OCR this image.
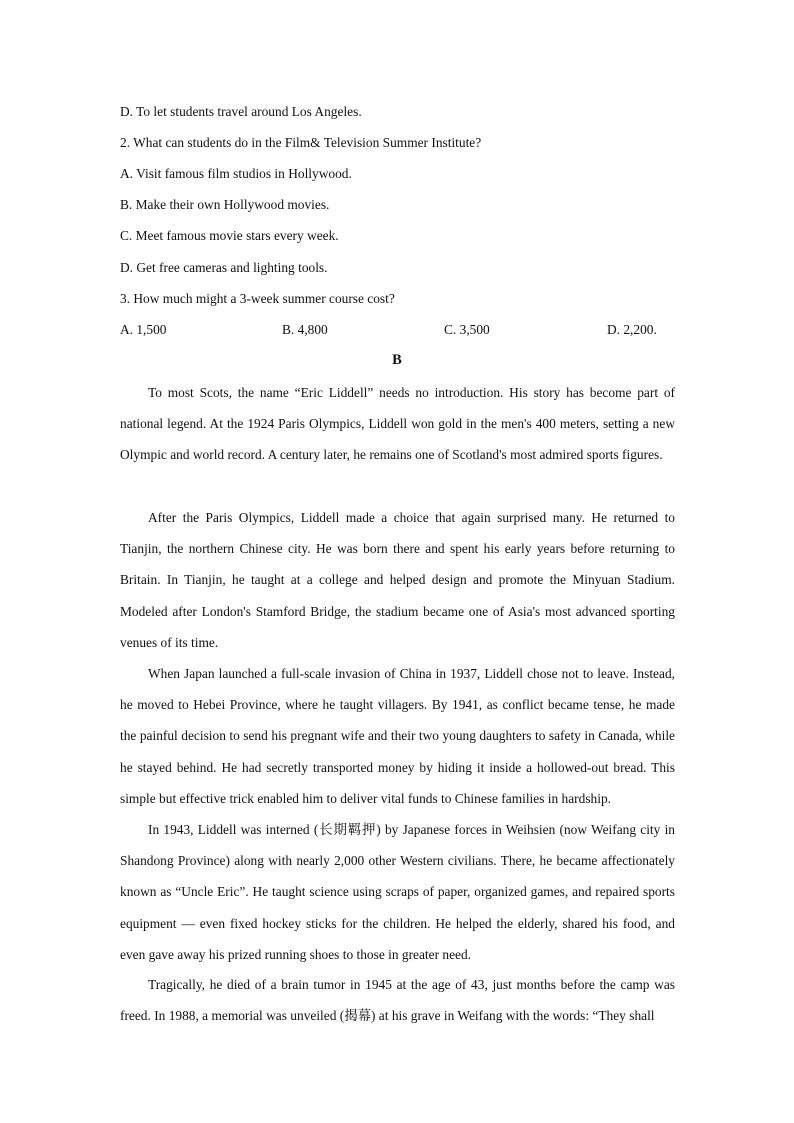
D. To let students travel around Los Angeles.
2. What can students do in the Film& Television Summer Institute?
A. Visit famous film studios in Hollywood.
B. Make their own Hollywood movies.
C. Meet famous movie stars every week.
D. Get free cameras and lighting tools.
3. How much might a 3-week summer course cost?
A. 1,500	B. 4,800	C. 3,500	D. 2,200.
B

To most Scots, the name “Eric Liddell” needs no introduction. His story has become part of national legend. At the 1924 Paris Olympics, Liddell won gold in the men's 400 meters, setting a new Olympic and world record. A century later, he remains one of Scotland's most admired sports figures.

After the Paris Olympics, Liddell made a choice that again surprised many. He returned to Tianjin, the northern Chinese city. He was born there and spent his early years before returning to Britain. In Tianjin, he taught at a college and helped design and promote the Minyuan Stadium. Modeled after London's Stamford Bridge, the stadium became one of Asia's most advanced sporting venues of its time.

When Japan launched a full-scale invasion of China in 1937, Liddell chose not to leave. Instead, he moved to Hebei Province, where he taught villagers. By 1941, as conflict became tense, he made the painful decision to send his pregnant wife and their two young daughters to safety in Canada, while he stayed behind. He had secretly transported money by hiding it inside a hollowed-out bread. This simple but effective trick enabled him to deliver vital funds to Chinese families in hardship.

In 1943, Liddell was interned (长期羁押) by Japanese forces in Weihsien (now Weifang city in Shandong Province) along with nearly 2,000 other Western civilians. There, he became affectionately known as “Uncle Eric”. He taught science using scraps of paper, organized games, and repaired sports equipment — even fixed hockey sticks for the children. He helped the elderly, shared his food, and even gave away his prized running shoes to those in greater need.

Tragically, he died of a brain tumor in 1945 at the age of 43, just months before the camp was freed. In 1988, a memorial was unveiled (揭幕) at his grave in Weifang with the words: “They shall
